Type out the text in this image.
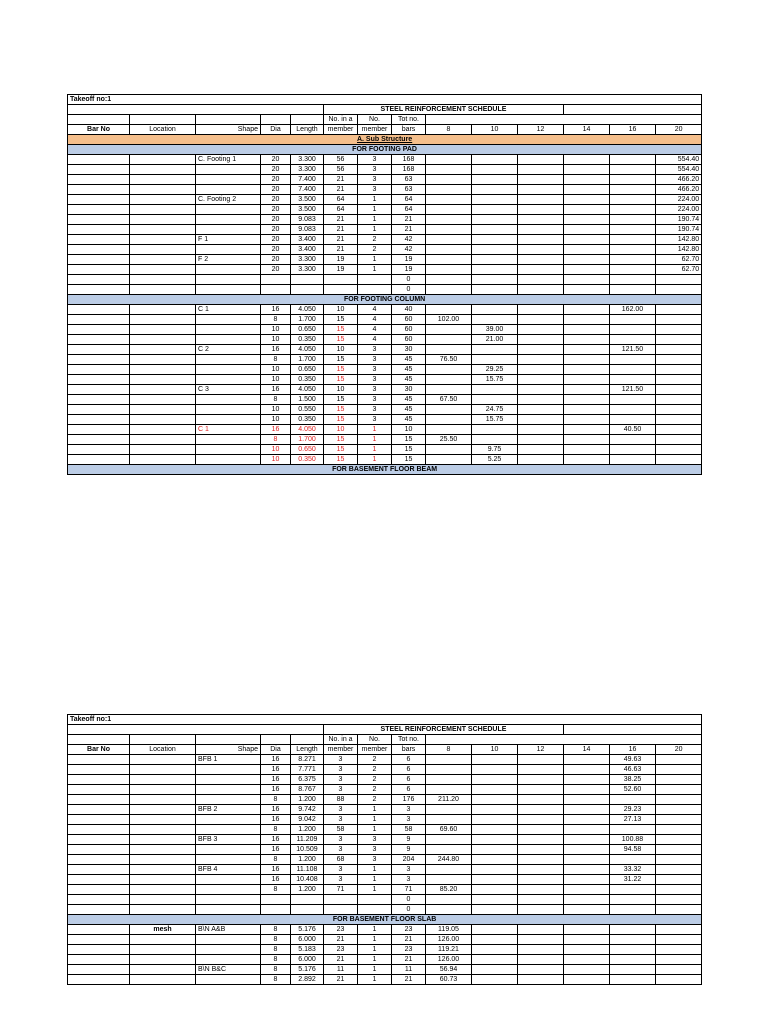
Takeoff no:1													
					STEEL REINFORCEMENT SCHEDULE								
					No. in a	No.	Tot no.						
Bar No	Location	Shape	Dia	Length	member	member	bars	8	10	12	14	16	20
A. Sub Structure													
FOR FOOTING PAD													
		C. Footing 1	20	3.300	56	3	168						554.40
			20	3.300	56	3	168						554.40
			20	7.400	21	3	63						466.20
			20	7.400	21	3	63						466.20
		C. Footing 2	20	3.500	64	1	64						224.00
			20	3.500	64	1	64						224.00
			20	9.083	21	1	21						190.74
			20	9.083	21	1	21						190.74
		F 1	20	3.400	21	2	42						142.80
			20	3.400	21	2	42						142.80
		F 2	20	3.300	19	1	19						62.70
			20	3.300	19	1	19						62.70
							0						
							0						
FOR FOOTING COLUMN													
		C 1	16	4.050	10	4	40					162.00	
			8	1.700	15	4	60	102.00					
			10	0.650	15	4	60		39.00				
			10	0.350	15	4	60		21.00				
		C 2	16	4.050	10	3	30					121.50	
			8	1.700	15	3	45	76.50					
			10	0.650	15	3	45		29.25				
			10	0.350	15	3	45		15.75				
		C 3	16	4.050	10	3	30					121.50	
			8	1.500	15	3	45	67.50					
			10	0.550	15	3	45		24.75				
			10	0.350	15	3	45		15.75				
		C 1	16	4.050	10	1	10					40.50	
			8	1.700	15	1	15	25.50					
			10	0.650	15	1	15		9.75				
			10	0.350	15	1	15		5.25				
FOR BASEMENT FLOOR BEAM													
Takeoff no:1													
					STEEL REINFORCEMENT SCHEDULE								
					No. in a	No.	Tot no.						
Bar No	Location	Shape	Dia	Length	member	member	bars	8	10	12	14	16	20
		BFB 1	16	8.271	3	2	6					49.63	
			16	7.771	3	2	6					46.63	
			16	6.375	3	2	6					38.25	
			16	8.767	3	2	6					52.60	
			8	1.200	88	2	176	211.20					
		BFB 2	16	9.742	3	1	3					29.23	
			16	9.042	3	1	3					27.13	
			8	1.200	58	1	58	69.60					
		BFB 3	16	11.209	3	3	9					100.88	
			16	10.509	3	3	9					94.58	
			8	1.200	68	3	204	244.80					
		BFB 4	16	11.108	3	1	3					33.32	
			16	10.408	3	1	3					31.22	
			8	1.200	71	1	71	85.20					
							0						
							0						
FOR BASEMENT FLOOR SLAB													
	mesh	B\N A&B	8	5.176	23	1	23	119.05					
			8	6.000	21	1	21	126.00					
			8	5.183	23	1	23	119.21					
			8	6.000	21	1	21	126.00					
		B\N B&C	8	5.176	11	1	11	56.94					
			8	2.892	21	1	21	60.73					
